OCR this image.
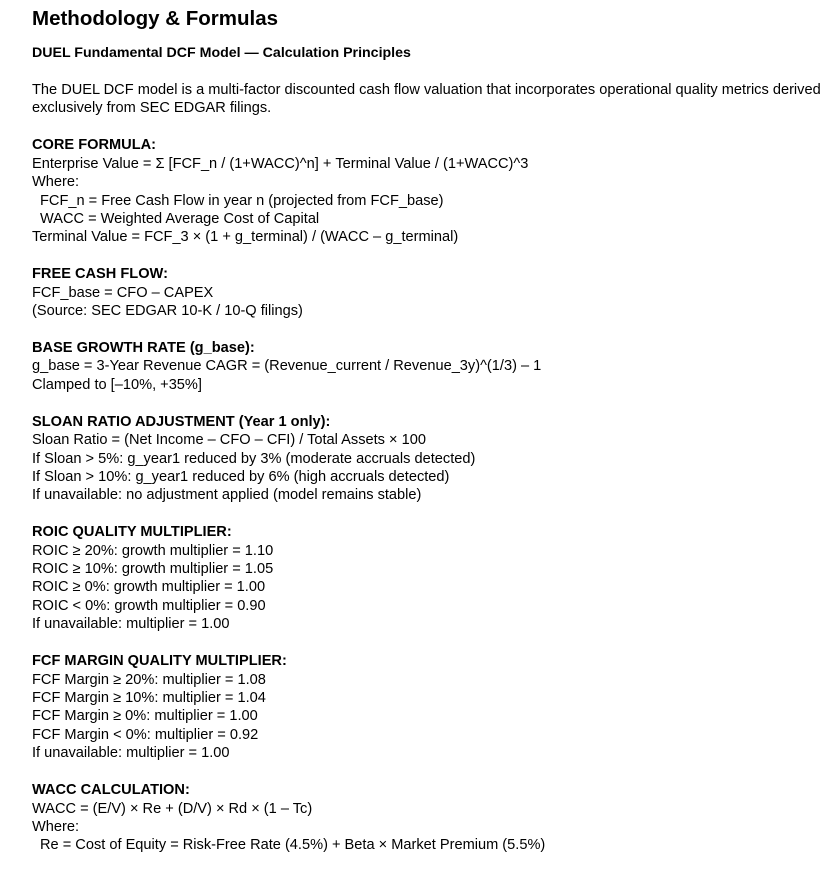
Methodology & Formulas
DUEL Fundamental DCF Model — Calculation Principles

The DUEL DCF model is a multi-factor discounted cash flow valuation that incorporates operational quality metrics derived exclusively from SEC EDGAR filings.

CORE FORMULA:
Enterprise Value = Σ [FCF_n / (1+WACC)^n] + Terminal Value / (1+WACC)^3
Where:
FCF_n = Free Cash Flow in year n (projected from FCF_base)
WACC = Weighted Average Cost of Capital
Terminal Value = FCF_3 × (1 + g_terminal) / (WACC – g_terminal)
FREE CASH FLOW:
FCF_base = CFO – CAPEX
(Source: SEC EDGAR 10-K / 10-Q filings)
BASE GROWTH RATE (g_base):
g_base = 3-Year Revenue CAGR = (Revenue_current / Revenue_3y)^(1/3) – 1
Clamped to [–10%, +35%]
SLOAN RATIO ADJUSTMENT (Year 1 only):
Sloan Ratio = (Net Income – CFO – CFI) / Total Assets × 100
If Sloan > 5%: g_year1 reduced by 3% (moderate accruals detected)
If Sloan > 10%: g_year1 reduced by 6% (high accruals detected)
If unavailable: no adjustment applied (model remains stable)
ROIC QUALITY MULTIPLIER:
ROIC ≥ 20%: growth multiplier = 1.10
ROIC ≥ 10%: growth multiplier = 1.05
ROIC ≥ 0%: growth multiplier = 1.00
ROIC < 0%: growth multiplier = 0.90
If unavailable: multiplier = 1.00
FCF MARGIN QUALITY MULTIPLIER:
FCF Margin ≥ 20%: multiplier = 1.08
FCF Margin ≥ 10%: multiplier = 1.04
FCF Margin ≥ 0%: multiplier = 1.00
FCF Margin < 0%: multiplier = 0.92
If unavailable: multiplier = 1.00
WACC CALCULATION:
WACC = (E/V) × Re + (D/V) × Rd × (1 – Tc)
Where:
Re = Cost of Equity = Risk-Free Rate (4.5%) + Beta × Market Premium (5.5%)
